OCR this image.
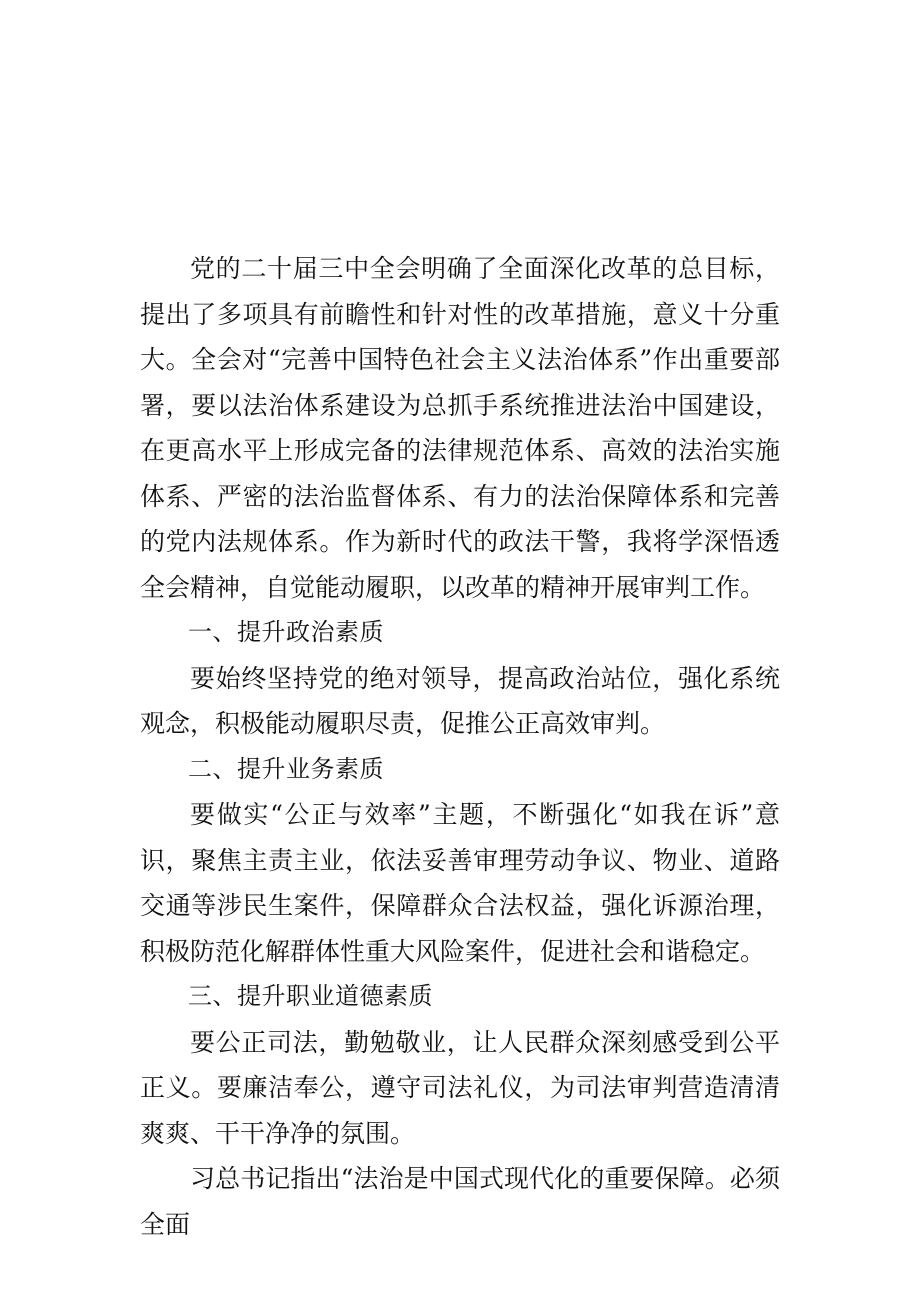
党的二十届三中全会明确了全面深化改革的总目标，提出了多项具有前瞻性和针对性的改革措施，意义十分重大。全会对“完善中国特色社会主义法治体系”作出重要部署，要以法治体系建设为总抓手系统推进法治中国建设，在更高水平上形成完备的法律规范体系、高效的法治实施体系、严密的法治监督体系、有力的法治保障体系和完善的党内法规体系。作为新时代的政法干警，我将学深悟透全会精神，自觉能动履职，以改革的精神开展审判工作。

一、提升政治素质

要始终坚持党的绝对领导，提高政治站位，强化系统观念，积极能动履职尽责，促推公正高效审判。

二、提升业务素质

要做实“公正与效率”主题，不断强化“如我在诉”意识，聚焦主责主业，依法妥善审理劳动争议、物业、道路交通等涉民生案件，保障群众合法权益，强化诉源治理，积极防范化解群体性重大风险案件，促进社会和谐稳定。

三、提升职业道德素质

要公正司法，勤勉敬业，让人民群众深刻感受到公平正义。要廉洁奉公，遵守司法礼仪，为司法审判营造清清爽爽、干干净净的氛围。

习总书记指出“法治是中国式现代化的重要保障。必须全面
